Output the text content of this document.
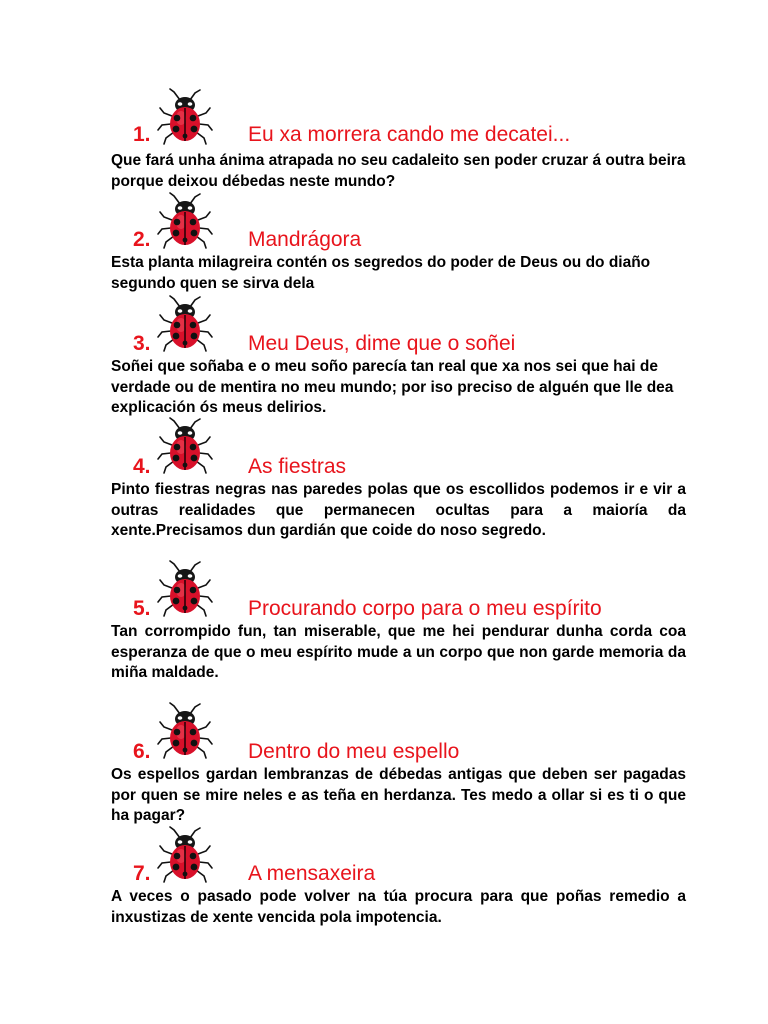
1.	Eu xa morrera cando me decatei...

Que fará unha ánima atrapada no seu cadaleito sen poder cruzar á outra beira porque deixou débedas neste mundo?

2.	Mandrágora

Esta planta milagreira contén os segredos do poder de Deus ou do diaño segundo quen se sirva dela

3.	Meu Deus, dime que o soñei

Soñei que soñaba e o meu soño parecía tan real que xa nos sei que hai de verdade ou de mentira no meu mundo; por iso preciso de alguén que lle dea explicación ós meus delirios.

4.	As fiestras

Pinto fiestras negras nas paredes polas que os escollidos podemos ir e vir a outras realidades que permanecen ocultas para a maioría da xente.Precisamos dun gardián que coide do noso segredo.

5.	Procurando corpo para o meu espírito

Tan corrompido fun, tan miserable, que me hei pendurar dunha corda coa esperanza de que o meu espírito mude a un corpo que non garde memoria da miña maldade.

6.	Dentro do meu espello

Os espellos gardan lembranzas de débedas antigas que deben ser pagadas por quen se mire neles e as teña en herdanza. Tes medo a ollar si es ti o que ha pagar?

7.	A mensaxeira

A veces o pasado pode volver na túa procura para que poñas remedio a inxustizas de xente vencida pola impotencia.
